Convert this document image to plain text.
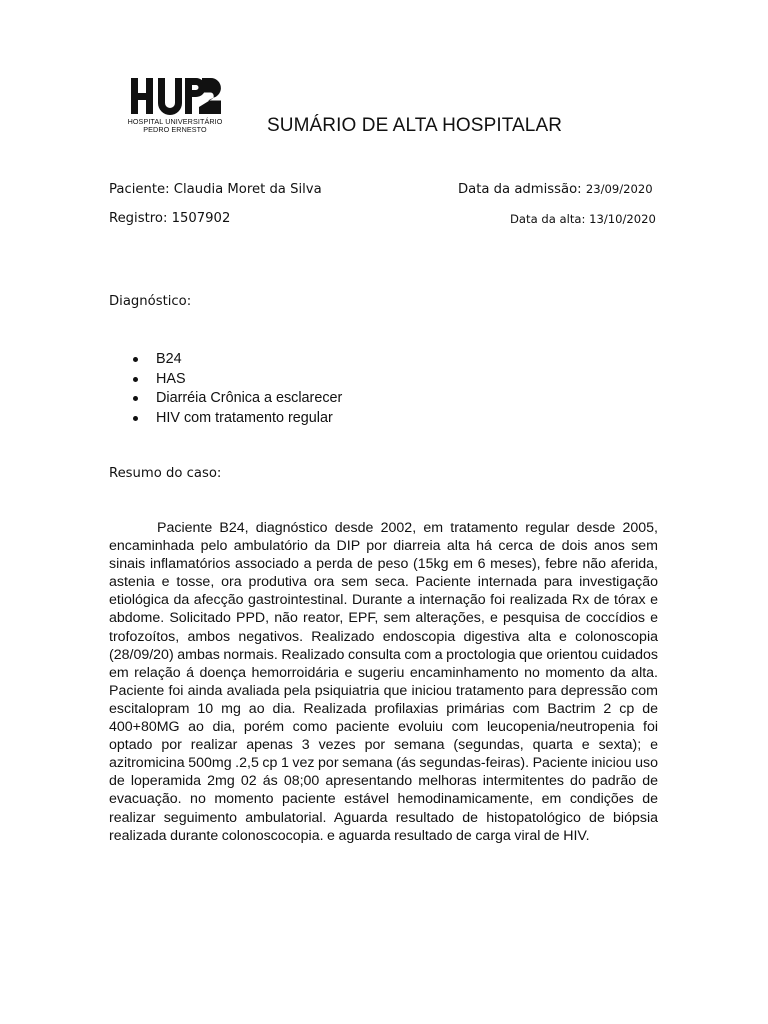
HOSPITAL UNIVERSITÁRIO
PEDRO ERNESTO	SUMÁRIO DE ALTA HOSPITALAR
Paciente: Claudia Moret da Silva	Data da admissão: 23/09/2020
Registro: 1507902	Data da alta: 13/10/2020
Diagnóstico:
B24
HAS
Diarréia Crônica a esclarecer
HIV com tratamento regular
Resumo do caso:

Paciente B24, diagnóstico desde 2002, em tratamento regular desde 2005, encaminhada pelo ambulatório da DIP por diarreia alta há cerca de dois anos sem sinais inflamatórios associado a perda de peso (15kg em 6 meses), febre não aferida, astenia e tosse, ora produtiva ora sem seca. Paciente internada para investigação etiológica da afecção gastrointestinal. Durante a internação foi realizada Rx de tórax e abdome. Solicitado PPD, não reator, EPF, sem alterações, e pesquisa de coccídios e trofozoítos, ambos negativos. Realizado endoscopia digestiva alta e colonoscopia (28/09/20) ambas normais. Realizado consulta com a proctologia que orientou cuidados em relação á doença hemorroidária e sugeriu encaminhamento no momento da alta. Paciente foi ainda avaliada pela psiquiatria que iniciou tratamento para depressão com escitalopram 10 mg ao dia. Realizada profilaxias primárias com Bactrim 2 cp de 400+80MG ao dia, porém como paciente evoluiu com leucopenia/neutropenia foi optado por realizar apenas 3 vezes por semana (segundas, quarta e sexta); e azitromicina 500mg .2,5 cp 1 vez por semana (ás segundas-feiras). Paciente iniciou uso de loperamida 2mg 02 ás 08;00 apresentando melhoras intermitentes do padrão de evacuação. no momento paciente estável hemodinamicamente, em condições de realizar seguimento ambulatorial. Aguarda resultado de histopatológico de biópsia realizada durante colonoscocopia. e aguarda resultado de carga viral de HIV.
